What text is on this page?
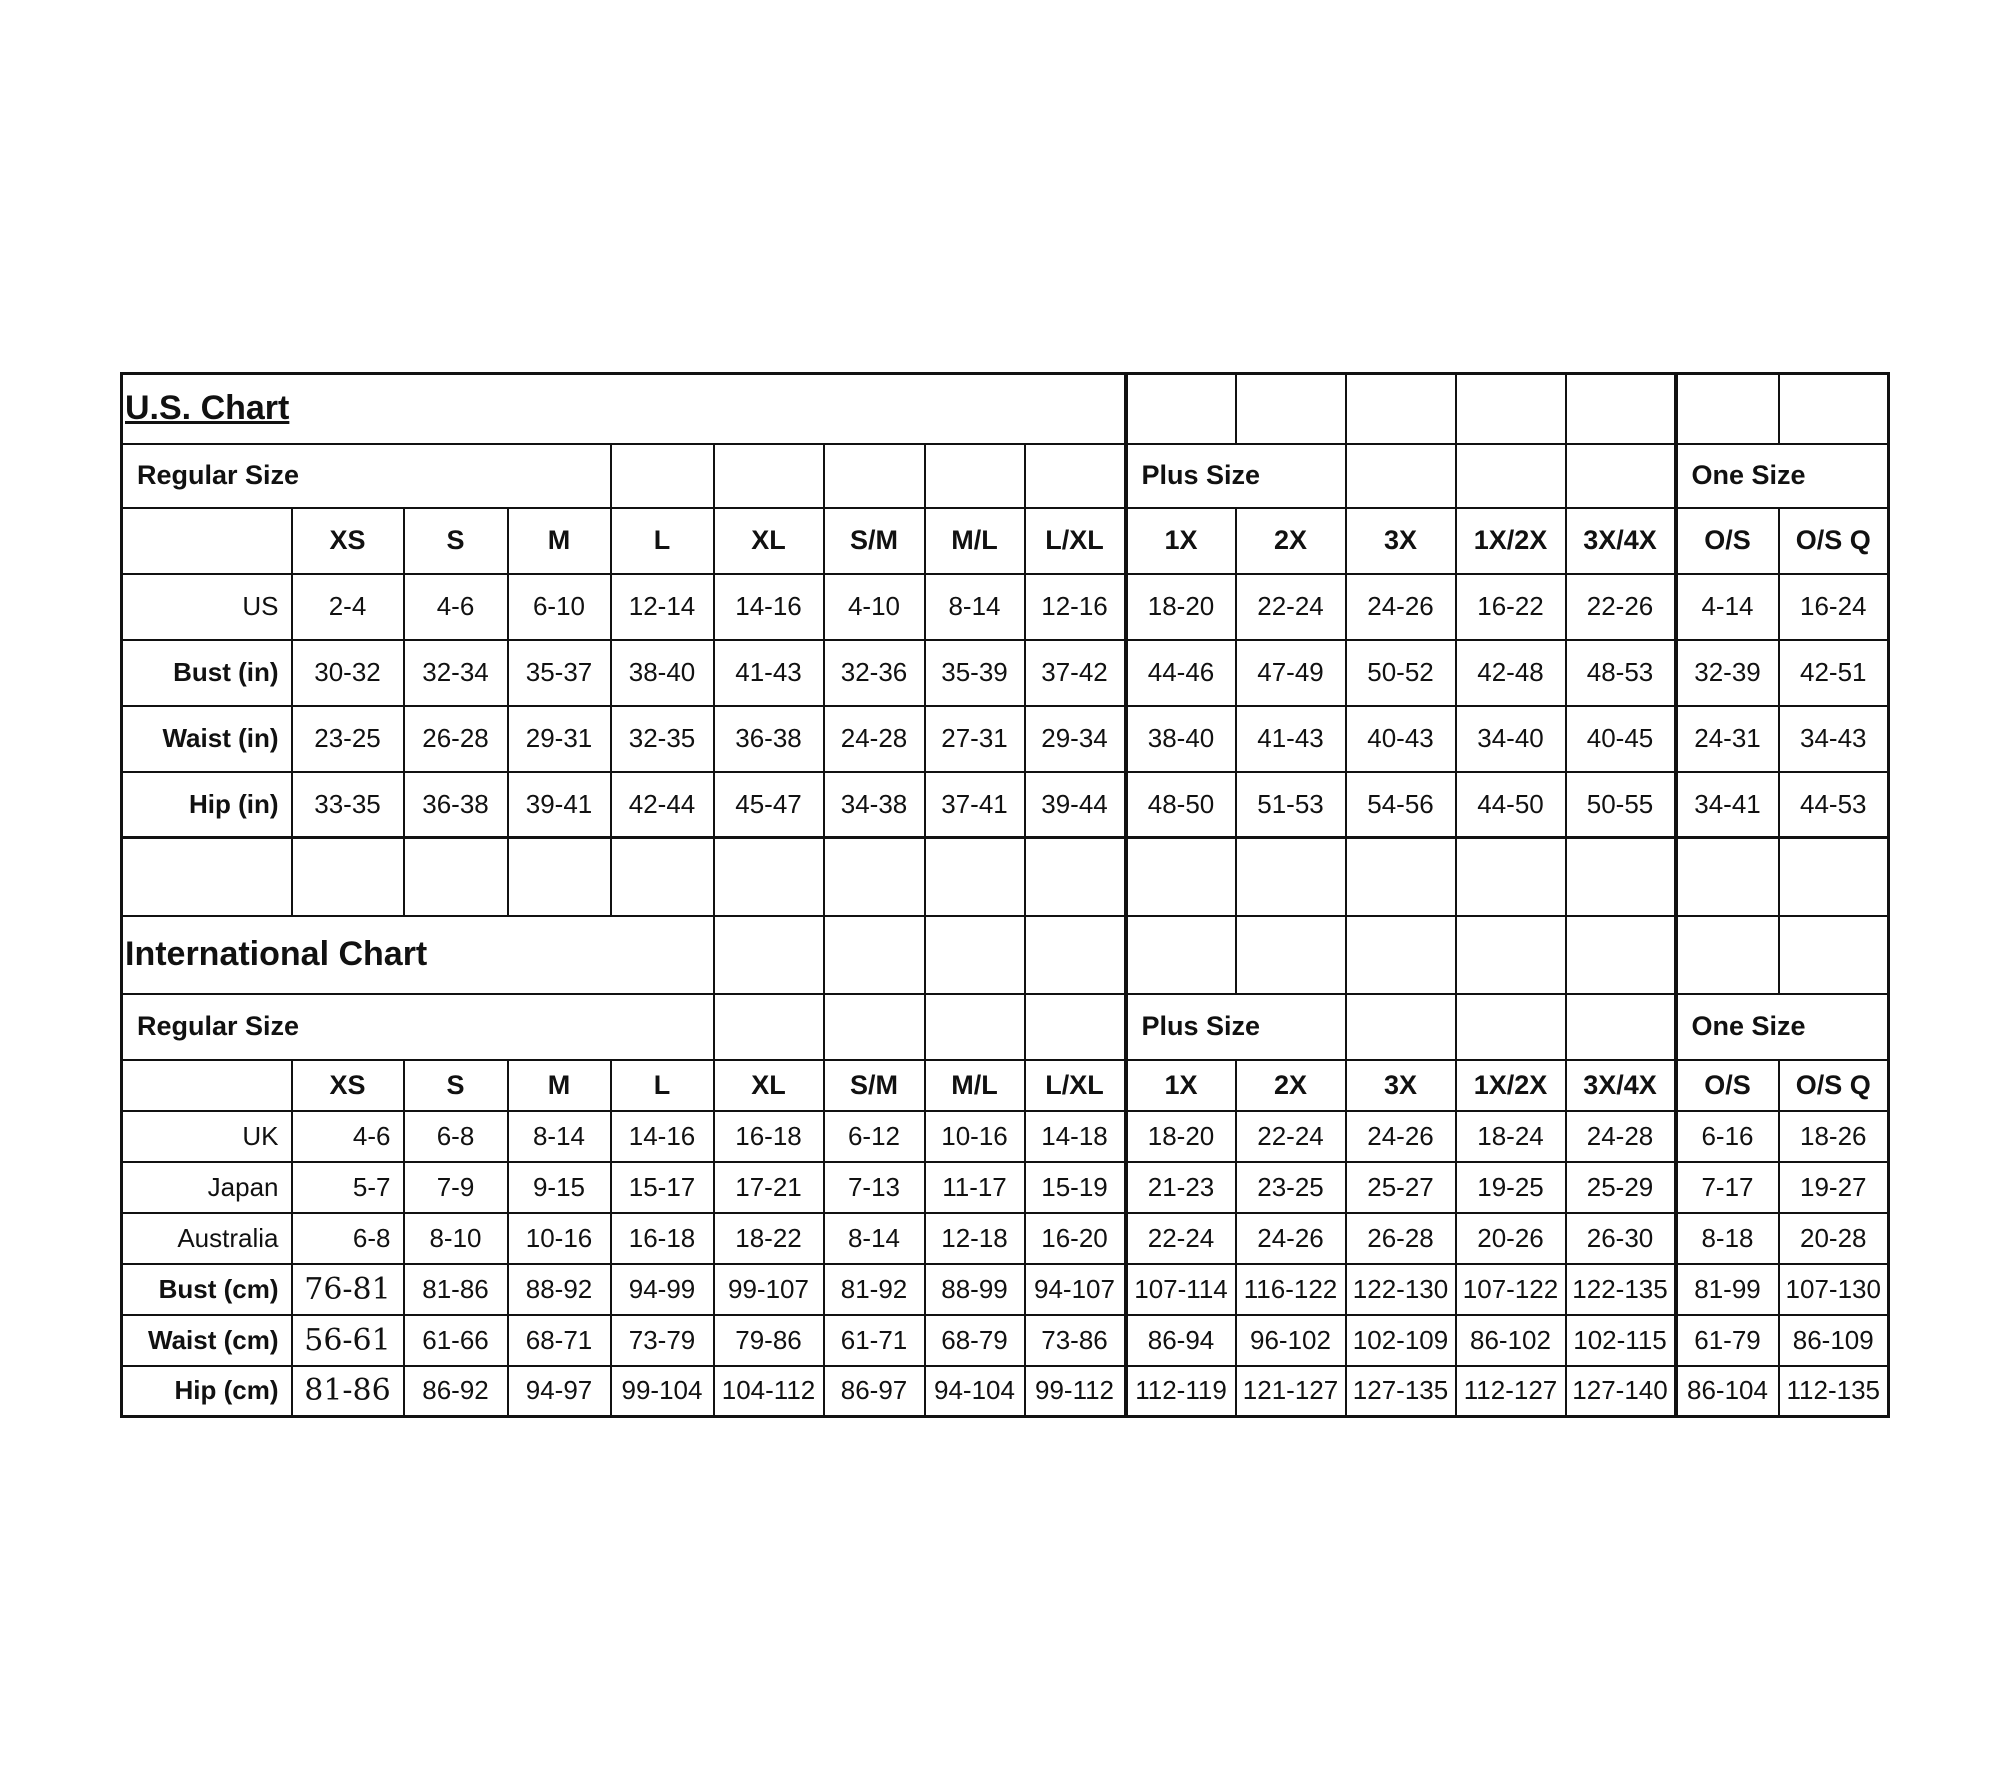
U.S. Chart															
Regular Size									Plus Size					One Size	
	XS	S	M	L	XL	S/M	M/L	L/XL	1X	2X	3X	1X/2X	3X/4X	O/S	O/S Q
US	2-4	4-6	6-10	12-14	14-16	4-10	8-14	12-16	18-20	22-24	24-26	16-22	22-26	4-14	16-24
Bust (in)	30-32	32-34	35-37	38-40	41-43	32-36	35-39	37-42	44-46	47-49	50-52	42-48	48-53	32-39	42-51
Waist (in)	23-25	26-28	29-31	32-35	36-38	24-28	27-31	29-34	38-40	41-43	40-43	34-40	40-45	24-31	34-43
Hip (in)	33-35	36-38	39-41	42-44	45-47	34-38	37-41	39-44	48-50	51-53	54-56	44-50	50-55	34-41	44-53

International Chart															
Regular Size									Plus Size					One Size	
	XS	S	M	L	XL	S/M	M/L	L/XL	1X	2X	3X	1X/2X	3X/4X	O/S	O/S Q
UK	4-6	6-8	8-14	14-16	16-18	6-12	10-16	14-18	18-20	22-24	24-26	18-24	24-28	6-16	18-26
Japan	5-7	7-9	9-15	15-17	17-21	7-13	11-17	15-19	21-23	23-25	25-27	19-25	25-29	7-17	19-27
Australia	6-8	8-10	10-16	16-18	18-22	8-14	12-18	16-20	22-24	24-26	26-28	20-26	26-30	8-18	20-28
Bust (cm)	76-81	81-86	88-92	94-99	99-107	81-92	88-99	94-107	107-114	116-122	122-130	107-122	122-135	81-99	107-130
Waist (cm)	56-61	61-66	68-71	73-79	79-86	61-71	68-79	73-86	86-94	96-102	102-109	86-102	102-115	61-79	86-109
Hip (cm)	81-86	86-92	94-97	99-104	104-112	86-97	94-104	99-112	112-119	121-127	127-135	112-127	127-140	86-104	112-135
